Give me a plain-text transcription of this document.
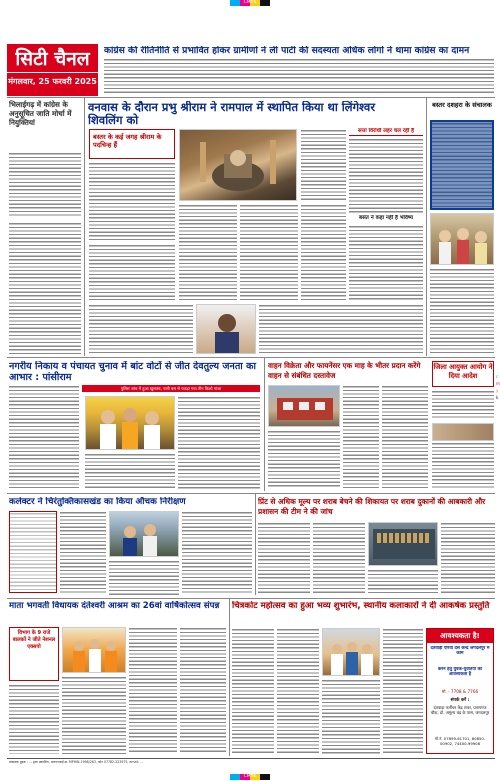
CMYK
सिटी चैनल
मंगलवार, 25 फरवरी 2025
कांग्रेस की रीतिनीति से प्रभावित होकर ग्रामीणों ने ली पार्टी की सदस्यता अधिक लोगों ने थामा कांग्रेस का दामन
भिलाईगढ़ में कांग्रेस के अनुसूचित जाति मोर्चा में नियुक्तियां
वनवास के दौरान प्रभु श्रीराम ने रामपाल में स्थापित किया था लिंगेश्वर शिवलिंग को
बस्तर के कई जगह श्रीराम के पदचिन्ह हैं
सत्ता विरोधी लहर चल रही है
बसंत ने कहा नहीं है भविष्य
बस्तर दशहरा के संचालक
नगरीय निकाय व पंचायत चुनाव में बांट वोटों से जीत देवतुल्य जनता का आभार : पांसीराम
पुलिस जांच में हुआ खुलासा, यात्री बस से पकड़ा गया तीन किलो गांजा
वाहन विक्रेता और फायनेंसर एक माह के भीतर प्रदान करेंगे वाहन से संबंधित दस्तावेज
जिला आयुक्त आयोग ने दिया आदेश
कलेक्टर ने चिरंतुक्तिकासखंड का किया औचक निरीक्षण	प्रिंट से अधिक मूल्य पर शराब बेचने की शिकायत पर शराब दुकानों की आबकारी और प्रशासन की टीम ने की जांच
माता भगवती विधायक दंतेश्वरी आश्रम का 26वां वार्षिकोत्सव संपन्न
विभाग के 9 राजे बालकों ने जीते नेशनल एक्सपो
चित्रकोट महोत्सव का हुआ भव्य शुभारंभ, स्थानीय कलाकारों ने दी आकर्षक प्रस्तुति
आवश्यकता है!
दंतेवाड़ी एरिया दस केन्द्र जगदलपुर में काम
करने हेतु युवक-युवतियों की आवश्यकता है
मो. - 7708 & 7766
संपर्क करें :
दंतवाड़ा फर्नीचर केंद्र टावर, प्रतापगंज चौक, डॉ. अमूल्य चंद्र के पास, जगदलपुर
मो.नं. 07899-61701, 80850-00902, 74400-99908
प्रकाशक मुद्रक : ... द्वारा प्रकाशित, आरएनआई क्र. MPHIN-1998/263, फोन 07782-223975, email: ...
CMYK
c
m
y
k
